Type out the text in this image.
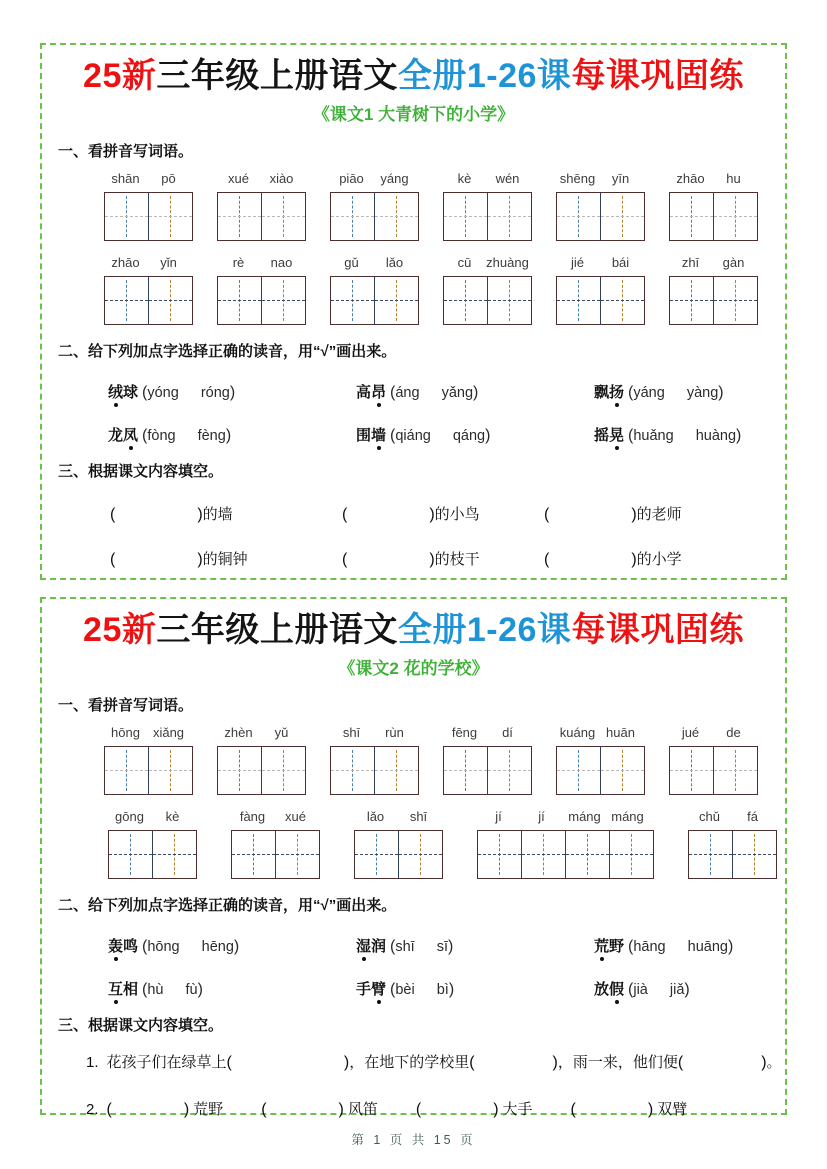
25新三年级上册语文全册1-26课每课巩固练
《课文1 大青树下的小学》
一、看拼音写词语。
shān	pō	xué	xiào	piāo	yáng	kè	wén	shēng	yīn	zhāo	hu
zhāo	yǐn	rè	nao	gǔ	lǎo	cū	zhuàng	jié	bái	zhī	gàn
二、给下列加点字选择正确的读音，用“√”画出来。
绒球 (yóng róng)	高昂 (áng yǎng)	飘扬 (yáng yàng)
龙凤 (fòng fèng)	围墙 (qiáng qáng)	摇晃 (huǎng huàng)
三、根据课文内容填空。
(	)的墙	(	)的小鸟	(	)的老师
(	)的铜钟	(	)的枝干	(	)的小学
25新三年级上册语文全册1-26课每课巩固练
《课文2 花的学校》
一、看拼音写词语。
hōng	xiǎng	zhèn	yǔ	shī	rùn	fēng	dí	kuáng huān	jué	de
gōng	kè	fàng	xué	lǎo	shī	jí	jí	máng máng	chǔ	fá
二、给下列加点字选择正确的读音，用“√”画出来。
轰鸣 (hōng hēng)	湿润 (shī sī)	荒野 (hāng huāng)
互相 (hù fù)	手臂 (bèi bì)	放假 (jià jiǎ)
三、根据课文内容填空。
1. 花孩子们在绿草上(	)，在地下的学校里(	)，雨一来，他们便(	)。
2. (	) 荒野 (	) 风笛 (	) 大手 (	) 双臂
第 1 页 共 15 页
